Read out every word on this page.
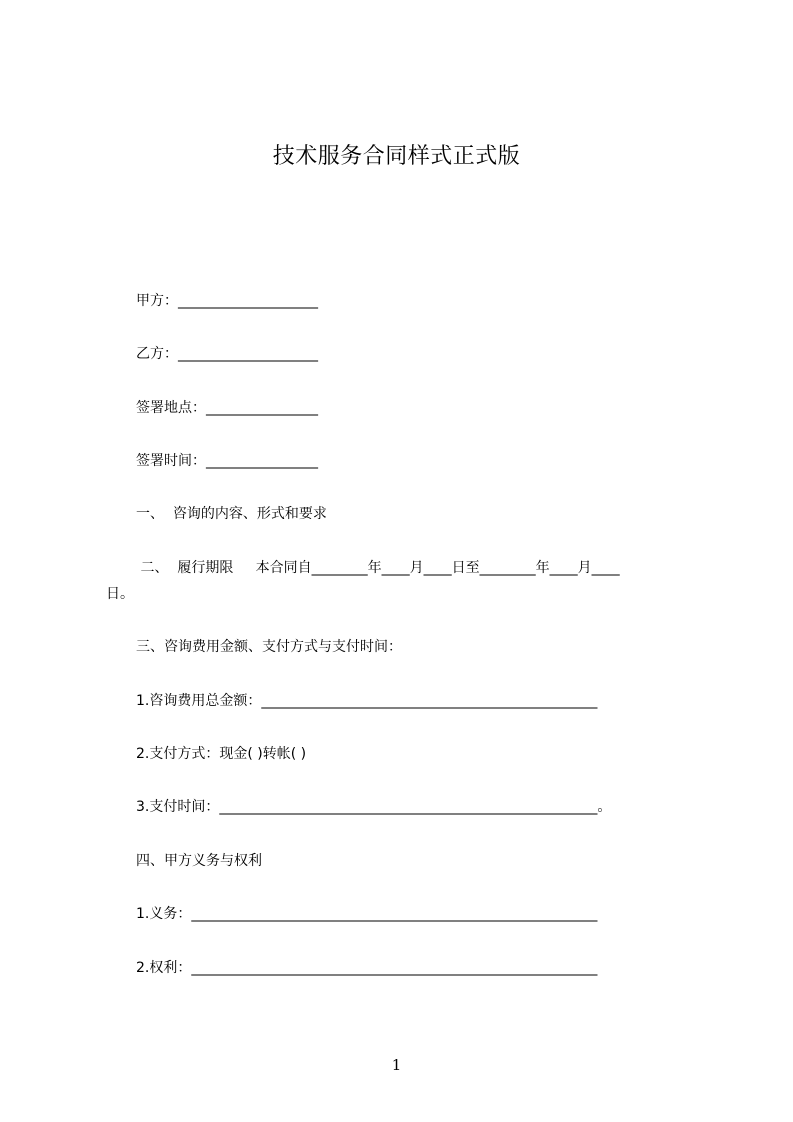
技术服务合同样式正式版
甲方：____________________
乙方：____________________
签署地点：________________
签署时间：________________
一、  咨询的内容、形式和要求
二、  履行期限     本合同自________年____月____日至________年____月____
日。
三、咨询费用金额、支付方式与支付时间：
1.咨询费用总金额：________________________________________________
2.支付方式：现金( )转帐( )
3.支付时间：______________________________________________________。
四、甲方义务与权利
1.义务：__________________________________________________________
2.权利：__________________________________________________________
1
